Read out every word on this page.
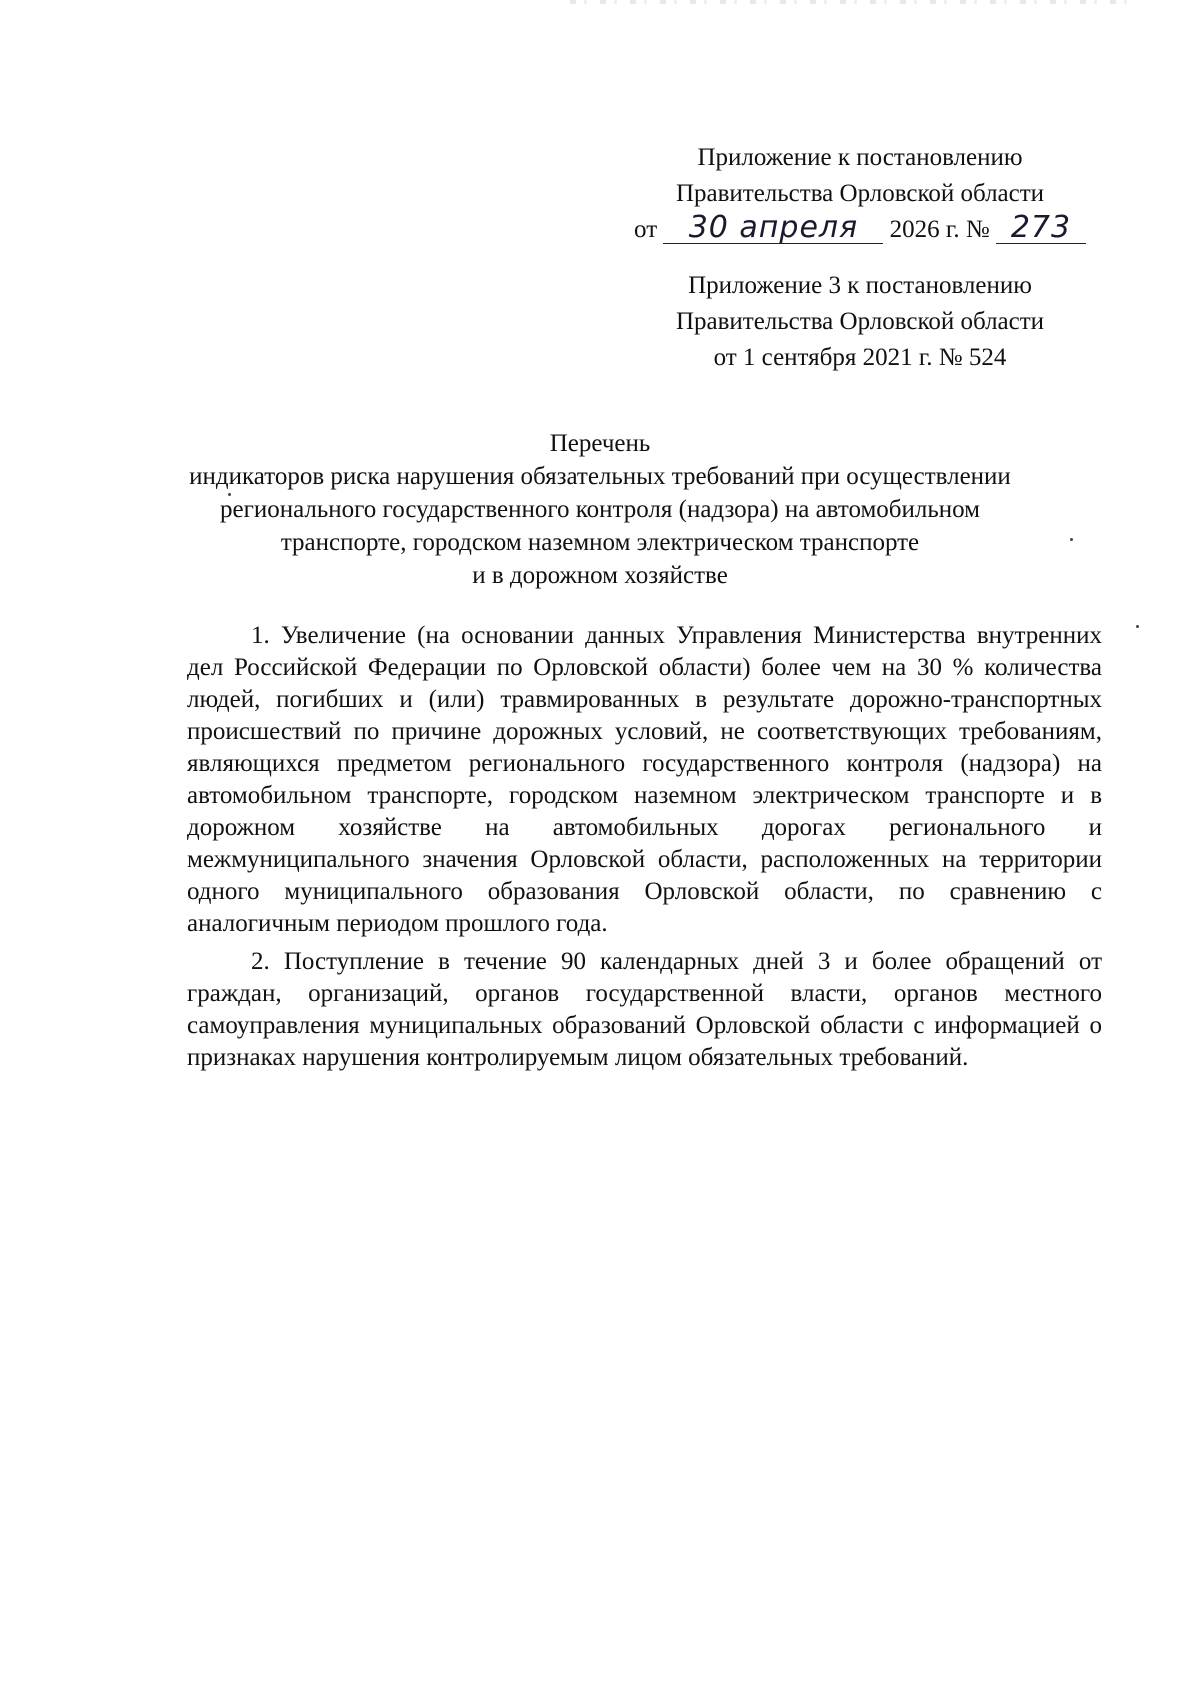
Приложение к постановлению
Правительства Орловской области
от 30 апреля 2026 г. № 273
Приложение 3 к постановлению
Правительства Орловской области
от 1 сентября 2021 г. № 524
Перечень
индикаторов риска нарушения обязательных требований при осуществлении
регионального государственного контроля (надзора) на автомобильном
транспорте, городском наземном электрическом транспорте
и в дорожном хозяйстве

1. Увеличение (на основании данных Управления Министерства внутренних дел Российской Федерации по Орловской области) более чем на 30 % количества людей, погибших и (или) травмированных в результате дорожно-транспортных происшествий по причине дорожных условий, не соответствующих требованиям, являющихся предметом регионального государственного контроля (надзора) на автомобильном транспорте, городском наземном электрическом транспорте и в дорожном хозяйстве на автомобильных дорогах регионального и межмуниципального значения Орловской области, расположенных на территории одного муниципального образования Орловской области, по сравнению с аналогичным периодом прошлого года.

2. Поступление в течение 90 календарных дней 3 и более обращений от граждан, организаций, органов государственной власти, органов местного самоуправления муниципальных образований Орловской области с информацией о признаках нарушения контролируемым лицом обязательных требований.
